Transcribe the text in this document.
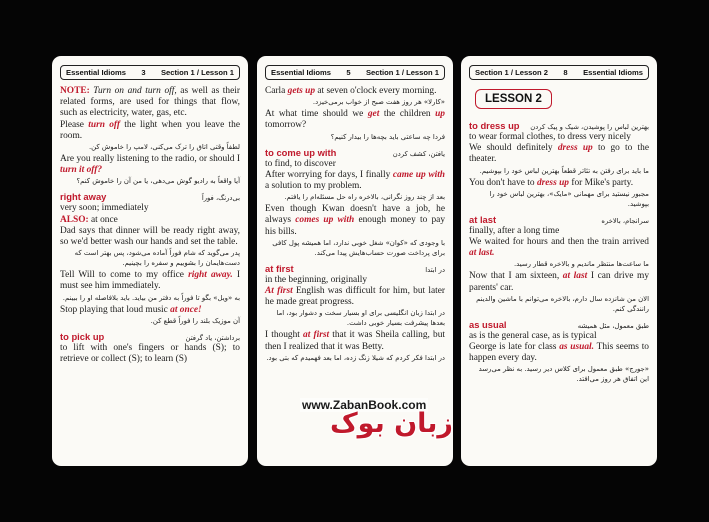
Essential Idioms 3 Section 1 / Lesson 1

NOTE: Turn on and turn off, as well as their related forms, are used for things that flow, such as electricity, water, gas, etc.

Please turn off the light when you leave the room.

لطفاً وقتی اتاق را ترک می‌کنی، لامپ را خاموش کن.

Are you really listening to the radio, or should I turn it off?

آیا واقعاً به رادیو گوش می‌دهی، یا من آن را خاموش کنم؟

right away	بی‌درنگ، فوراً

very soon; immediately

ALSO: at once

Dad says that dinner will be ready right away, so we'd better wash our hands and set the table.

پدر می‌گوید که شام فوراً آماده می‌شود، پس بهتر است که دست‌هایمان را بشوییم و سفره را بچینیم.

Tell Will to come to my office right away. I must see him immediately.

به «ویل» بگو تا فوراً به دفتر من بیاید. باید بلافاصله او را ببینم.

Stop playing that loud music at once!

آن موزیک بلند را فوراً قطع کن.

to pick up	برداشتن، یاد گرفتن

to lift with one's fingers or hands (S); to retrieve or collect (S); to learn (S)

Essential Idioms 5 Section 1 / Lesson 1

Carla gets up at seven o'clock every morning.

«کارلا» هر روز هفت صبح از خواب برمی‌خیزد.

At what time should we get the children up tomorrow?

فردا چه ساعتی باید بچه‌ها را بیدار کنیم؟

to come up with	یافتن، کشف کردن

to find, to discover

After worrying for days, I finally came up with a solution to my problem.

بعد از چند روز نگرانی، بالاخره راه حل مسئله‌ام را یافتم.

Even though Kwan doesn't have a job, he always comes up with enough money to pay his bills.

با وجودی که «کوان» شغل خوبی ندارد، اما همیشه پول کافی برای پرداخت صورت حساب‌هایش پیدا می‌کند.

at first	در ابتدا

in the beginning, originally

At first English was difficult for him, but later he made great progress.

در ابتدا زبان انگلیسی برای او بسیار سخت و دشوار بود، اما بعدها پیشرفت بسیار خوبی داشت.

I thought at first that it was Sheila calling, but then I realized that it was Betty.

در ابتدا فکر کردم که شیلا زنگ زده، اما بعد فهمیدم که بتی بود.

Section 1 / Lesson 2 8 Essential Idioms
LESSON 2
to dress up بهترین لباس را پوشیدن، شیک و پیک کردن

to wear formal clothes, to dress very nicely

We should definitely dress up to go to the theater.

ما باید برای رفتن به تئاتر قطعاً بهترین لباس خود را بپوشیم.

You don't have to dress up for Mike's party.

مجبور نیستید برای مهمانی «مایک»، بهترین لباس خود را بپوشید.

at last	سرانجام، بالاخره

finally, after a long time

We waited for hours and then the train arrived at last.

ما ساعت‌ها منتظر ماندیم و بالاخره قطار رسید.

Now that I am sixteen, at last I can drive my parents' car.

الان من شانزده سال دارم، بالاخره می‌توانم با ماشین والدینم رانندگی کنم.

as usual	طبق معمول، مثل همیشه

as is the general case, as is typical

George is late for class as usual. This seems to happen every day.

«جورج» طبق معمول برای کلاس دیر رسید. به نظر می‌رسد این اتفاق هر روز می‌افتد.

www.ZabanBook.com
زبان بوک
